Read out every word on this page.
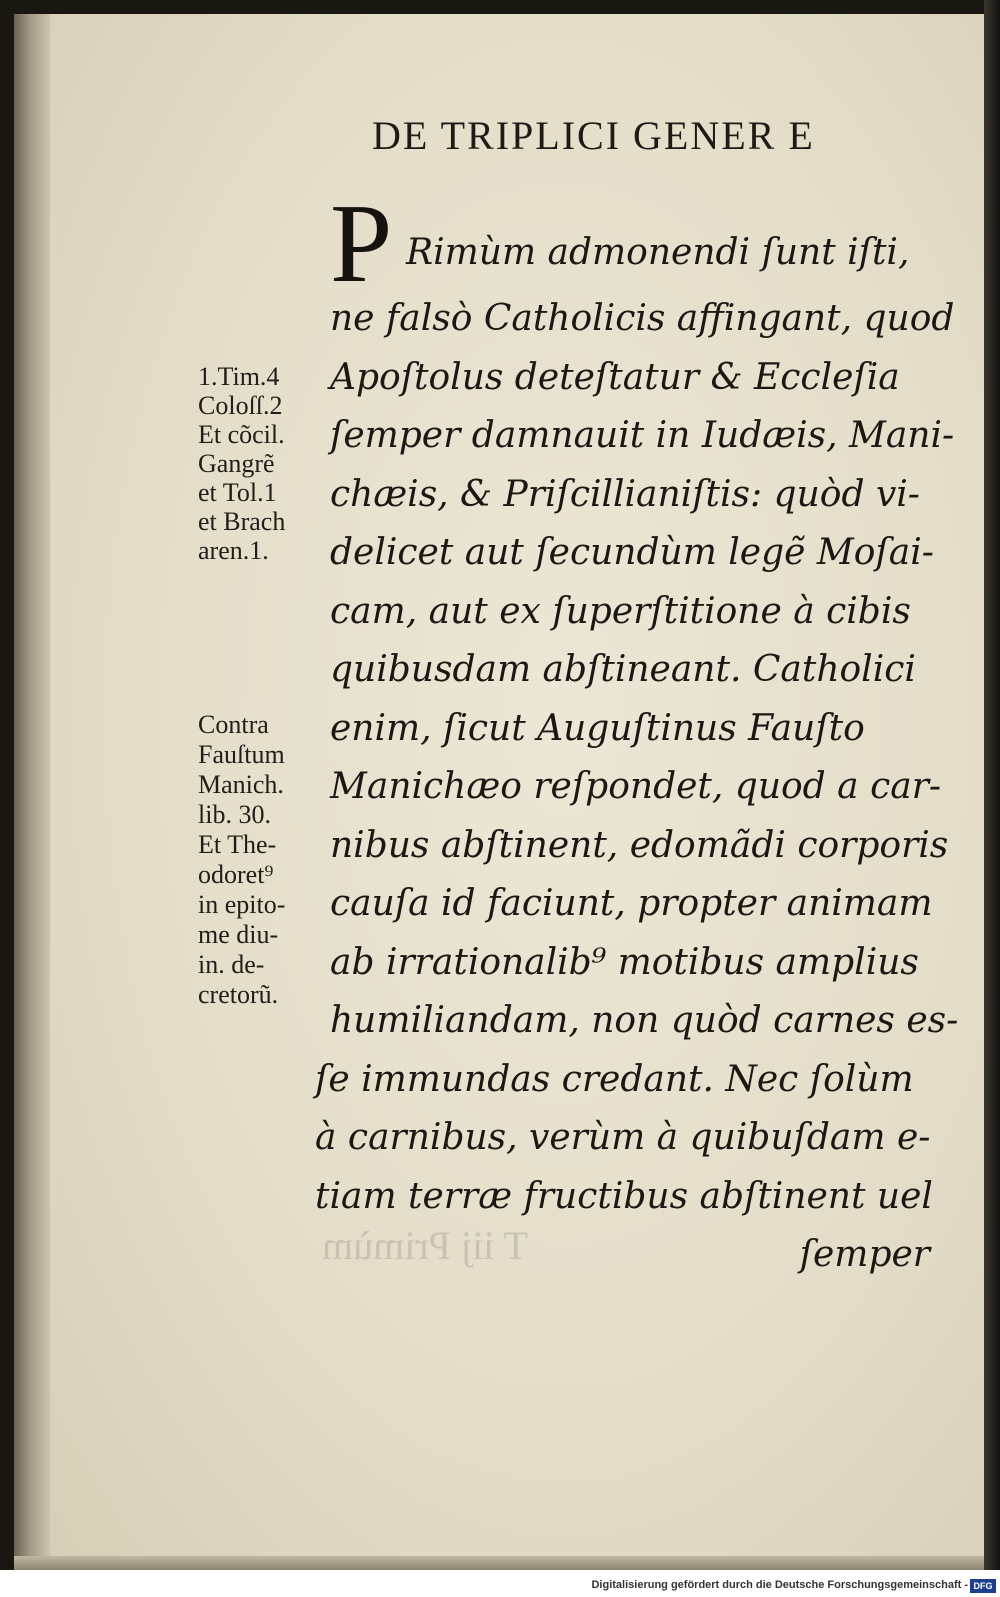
T iij Primùm
DE TRIPLICI GENER E
P Rimùm admonendi ſunt iſti,
ne falsò Catholicis affingant, quod
Apoſtolus deteſtatur & Eccleſia
ſemper damnauit in Iudæis, Mani-
chæis, & Priſcillianiſtis: quòd vi-
delicet aut ſecundùm legẽ Moſai-
cam, aut ex ſuperſtitione à cibis
quibusdam abſtineant. Catholici
enim, ſicut Auguſtinus Fauſto
Manichæo reſpondet, quod a car-
nibus abſtinent, edomãdi corporis
cauſa id faciunt, propter animam
ab irrationalib⁹ motibus amplius
humiliandam, non quòd carnes es-
ſe immundas credant. Nec ſolùm
à carnibus, verùm à quibuſdam e-
tiam terræ fructibus abſtinent uel
ſemper
1.Tim.4
Coloſſ.2
Et cõcil.
Gangrẽ
et Tol.1
et Brach
aren.1.
Contra
Fauſtum
Manich.
lib. 30.
Et The-
odoret⁹
in epito-
me diu-
in. de-
cretorũ.
Digitalisierung gefördert durch die Deutsche Forschungsgemeinschaft - DFG
